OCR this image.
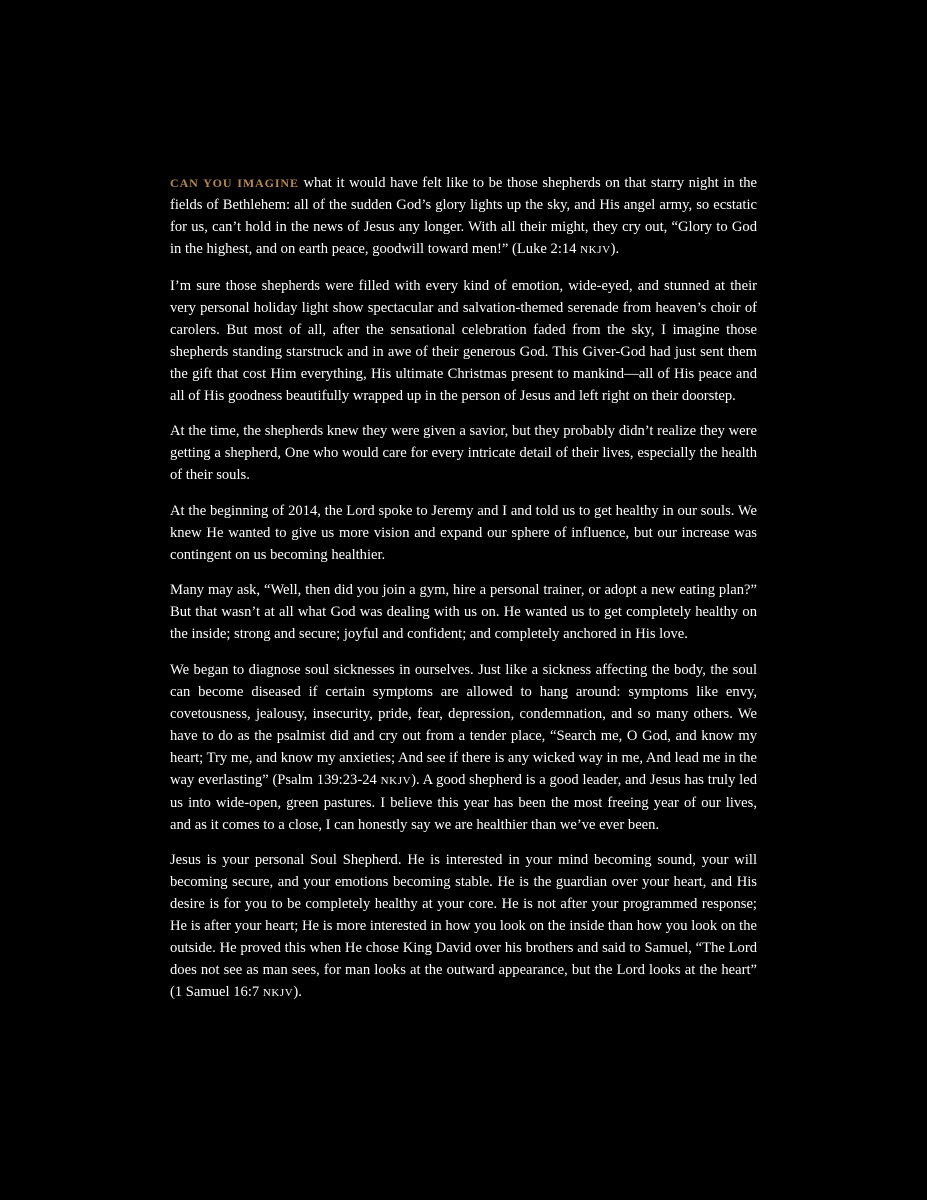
CAN YOU IMAGINE what it would have felt like to be those shepherds on that starry night in the fields of Bethlehem: all of the sudden God’s glory lights up the sky, and His angel army, so ecstatic for us, can’t hold in the news of Jesus any longer. With all their might, they cry out, “Glory to God in the highest, and on earth peace, goodwill toward men!” (Luke 2:14 NKJV).

I’m sure those shepherds were filled with every kind of emotion, wide-eyed, and stunned at their very personal holiday light show spectacular and salvation-themed serenade from heaven’s choir of carolers. But most of all, after the sensational celebration faded from the sky, I imagine those shepherds standing starstruck and in awe of their generous God. This Giver-God had just sent them the gift that cost Him everything, His ultimate Christmas present to mankind—all of His peace and all of His goodness beautifully wrapped up in the person of Jesus and left right on their doorstep.

At the time, the shepherds knew they were given a savior, but they probably didn’t realize they were getting a shepherd, One who would care for every intricate detail of their lives, especially the health of their souls.

At the beginning of 2014, the Lord spoke to Jeremy and I and told us to get healthy in our souls. We knew He wanted to give us more vision and expand our sphere of influence, but our increase was contingent on us becoming healthier.

Many may ask, “Well, then did you join a gym, hire a personal trainer, or adopt a new eating plan?” But that wasn’t at all what God was dealing with us on. He wanted us to get completely healthy on the inside; strong and secure; joyful and confident; and completely anchored in His love.

We began to diagnose soul sicknesses in ourselves. Just like a sickness affecting the body, the soul can become diseased if certain symptoms are allowed to hang around: symptoms like envy, covetousness, jealousy, insecurity, pride, fear, depression, condemnation, and so many others. We have to do as the psalmist did and cry out from a tender place, “Search me, O God, and know my heart; Try me, and know my anxieties; And see if there is any wicked way in me, And lead me in the way everlasting” (Psalm 139:23-24 NKJV). A good shepherd is a good leader, and Jesus has truly led us into wide-open, green pastures. I believe this year has been the most freeing year of our lives, and as it comes to a close, I can honestly say we are healthier than we’ve ever been.

Jesus is your personal Soul Shepherd. He is interested in your mind becoming sound, your will becoming secure, and your emotions becoming stable. He is the guardian over your heart, and His desire is for you to be completely healthy at your core. He is not after your programmed response; He is after your heart; He is more interested in how you look on the inside than how you look on the outside. He proved this when He chose King David over his brothers and said to Samuel, “The Lord does not see as man sees, for man looks at the outward appearance, but the Lord looks at the heart” (1 Samuel 16:7 NKJV).
